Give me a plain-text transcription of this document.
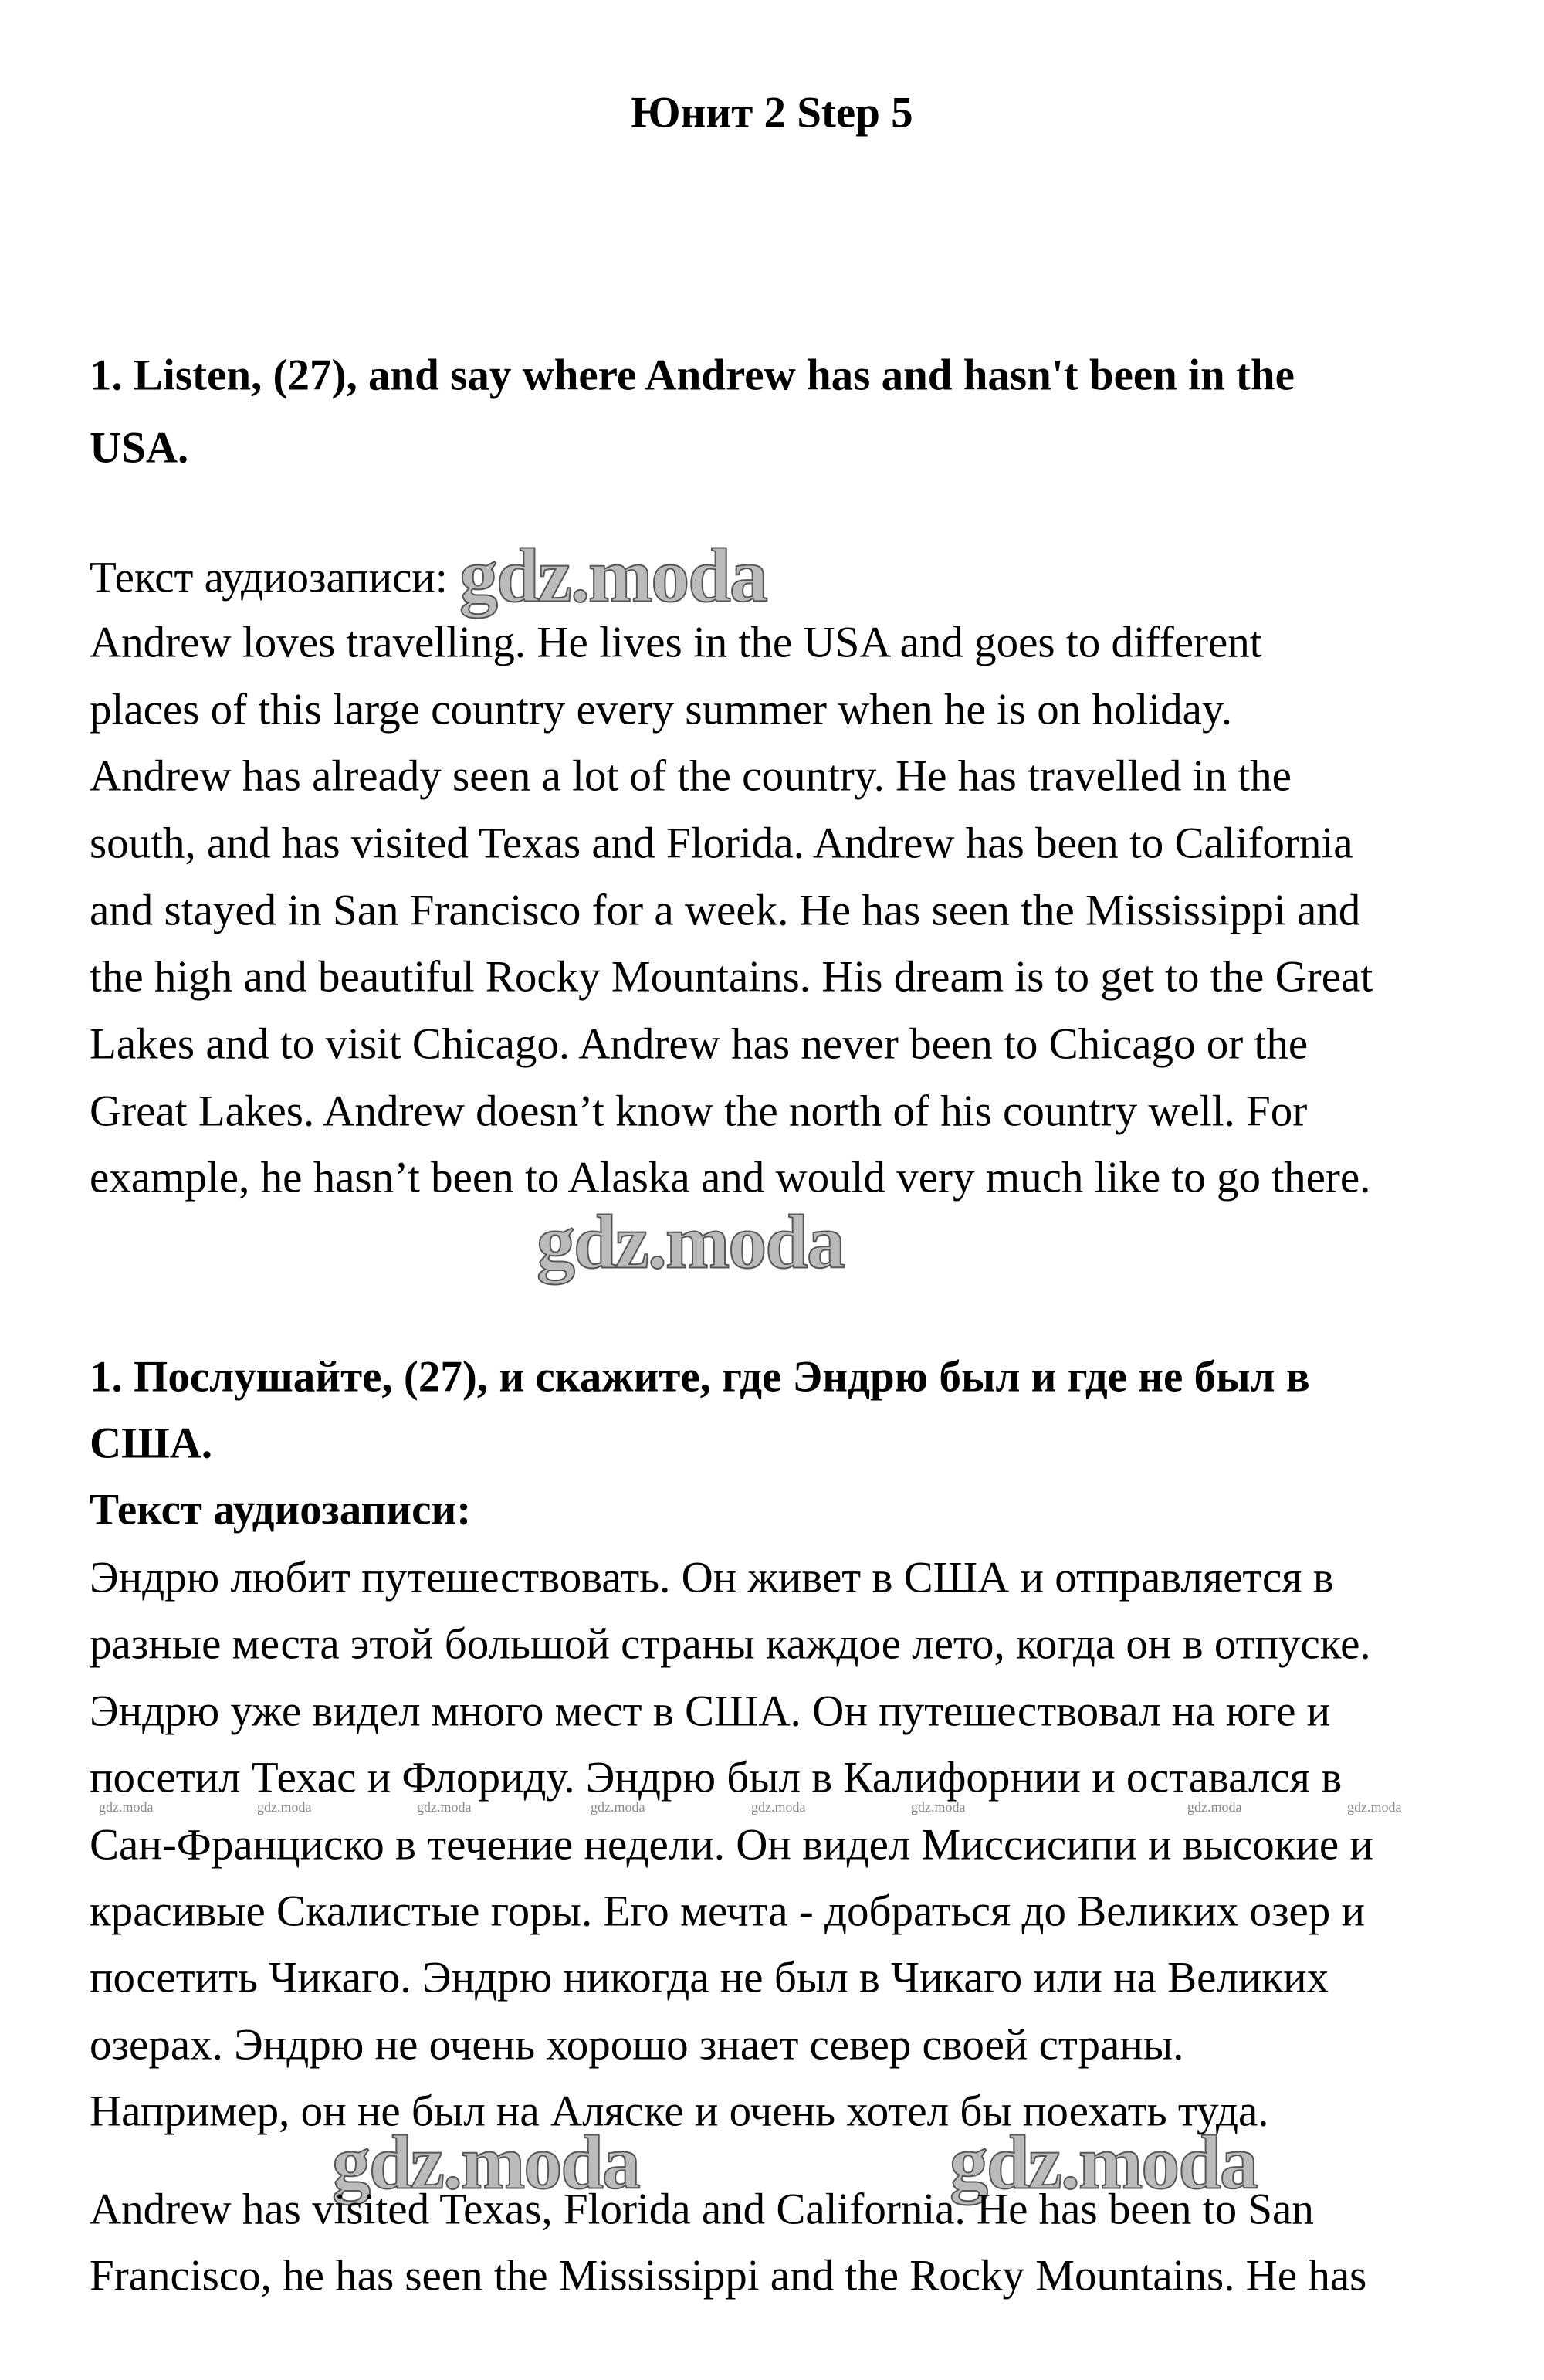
Юнит 2 Step 5
1. Listen, (27), and say where Andrew has and hasn't been in the
USA.
Текст аудиозаписи: gdz.moda
Andrew loves travelling. He lives in the USA and goes to different
places of this large country every summer when he is on holiday.
Andrew has already seen a lot of the country. He has travelled in the
south, and has visited Texas and Florida. Andrew has been to California
and stayed in San Francisco for a week. He has seen the Mississippi and
the high and beautiful Rocky Mountains. His dream is to get to the Great
Lakes and to visit Chicago. Andrew has never been to Chicago or the
Great Lakes. Andrew doesn’t know the north of his country well. For
example, he hasn’t been to Alaska and would very much like to go there.
gdz.moda
1. Послушайте, (27), и скажите, где Эндрю был и где не был в
США.
Текст аудиозаписи:
Эндрю любит путешествовать. Он живет в США и отправляется в
разные места этой большой страны каждое лето, когда он в отпуске.
Эндрю уже видел много мест в США. Он путешествовал на юге и
посетил Техас и Флориду. Эндрю был в Калифорнии и оставался в
Сан-Франциско в течение недели. Он видел Миссисипи и высокие и
красивые Скалистые горы. Его мечта - добраться до Великих озер и
посетить Чикаго. Эндрю никогда не был в Чикаго или на Великих
озерах. Эндрю не очень хорошо знает север своей страны.
Например, он не был на Аляске и очень хотел бы поехать туда.
gdz.moda	gdz.moda	gdz.moda	gdz.moda	gdz.moda	gdz.moda	gdz.moda	gdz.moda
gdz.moda	gdz.moda
Andrew has visited Texas, Florida and California. He has been to San
Francisco, he has seen the Mississippi and the Rocky Mountains. He has
